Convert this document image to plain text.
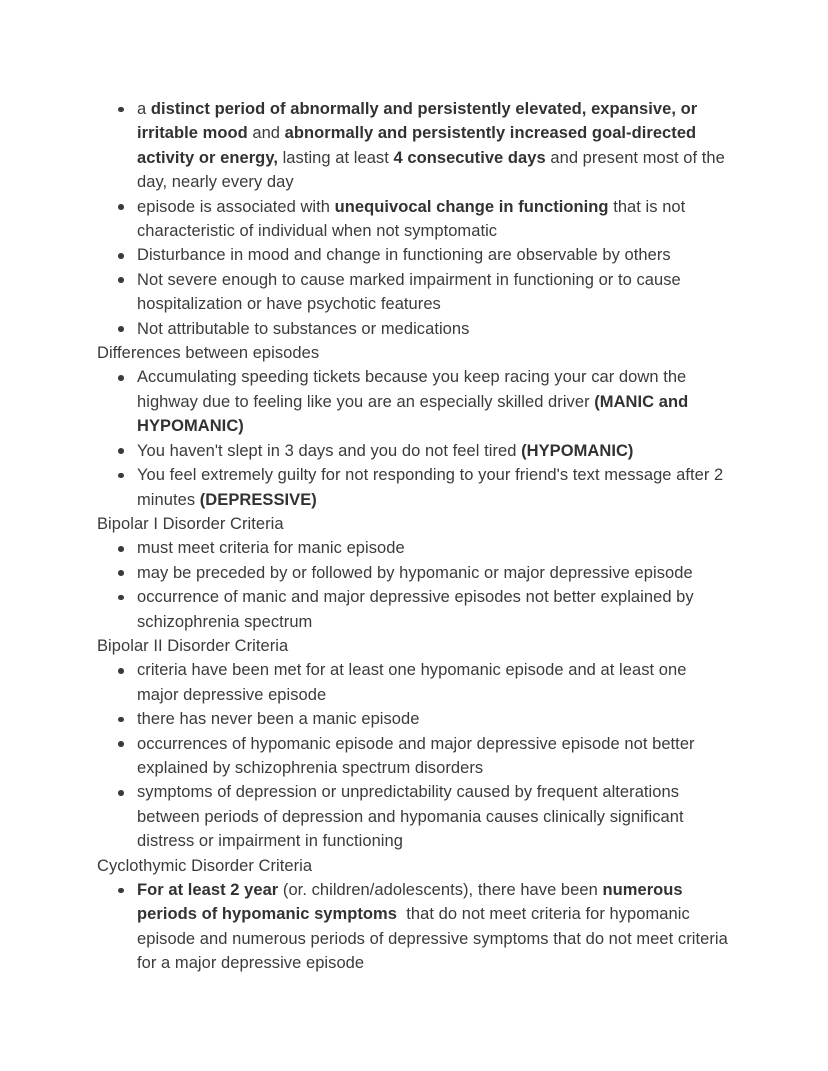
a distinct period of abnormally and persistently elevated, expansive, or irritable mood and abnormally and persistently increased goal-directed activity or energy, lasting at least 4 consecutive days and present most of the day, nearly every day
episode is associated with unequivocal change in functioning that is not characteristic of individual when not symptomatic
Disturbance in mood and change in functioning are observable by others
Not severe enough to cause marked impairment in functioning or to cause hospitalization or have psychotic features
Not attributable to substances or medications
Differences between episodes
Accumulating speeding tickets because you keep racing your car down the highway due to feeling like you are an especially skilled driver (MANIC and HYPOMANIC)
You haven't slept in 3 days and you do not feel tired (HYPOMANIC)
You feel extremely guilty for not responding to your friend's text message after 2 minutes (DEPRESSIVE)
Bipolar I Disorder Criteria
must meet criteria for manic episode
may be preceded by or followed by hypomanic or major depressive episode
occurrence of manic and major depressive episodes not better explained by schizophrenia spectrum
Bipolar II Disorder Criteria
criteria have been met for at least one hypomanic episode and at least one major depressive episode
there has never been a manic episode
occurrences of hypomanic episode and major depressive episode not better explained by schizophrenia spectrum disorders
symptoms of depression or unpredictability caused by frequent alterations between periods of depression and hypomania causes clinically significant distress or impairment in functioning
Cyclothymic Disorder Criteria
For at least 2 year (or. children/adolescents), there have been numerous periods of hypomanic symptoms  that do not meet criteria for hypomanic episode and numerous periods of depressive symptoms that do not meet criteria for a major depressive episode
